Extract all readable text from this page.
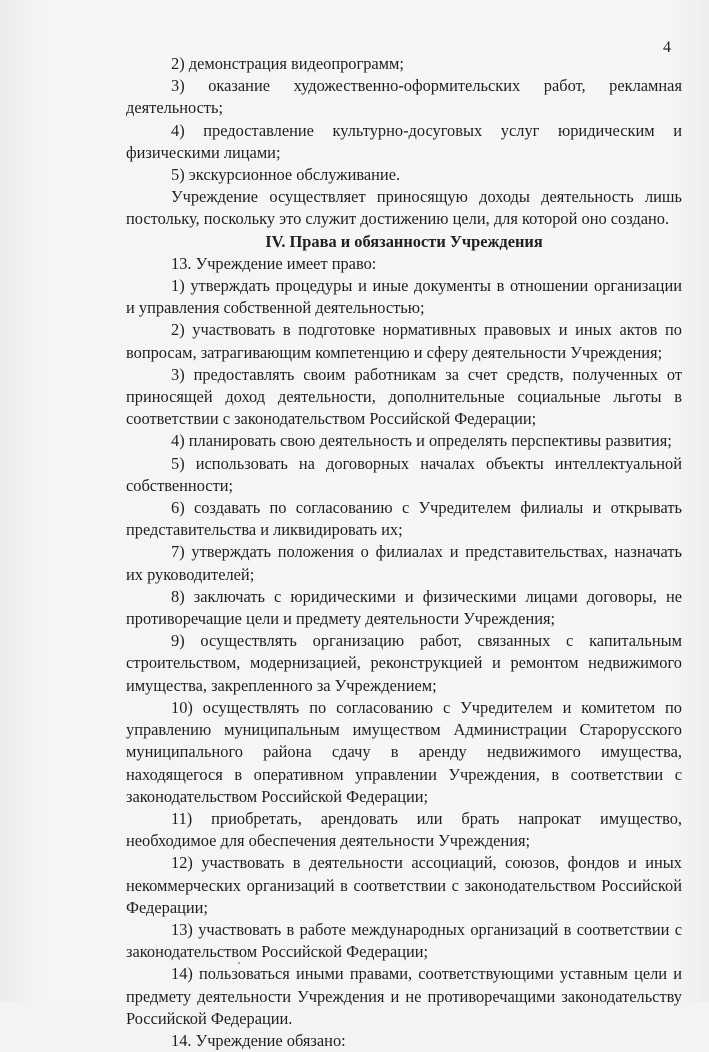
4

2) демонстрация видеопрограмм;

3) оказание художественно-оформительских работ, рекламная деятельность;

4) предоставление культурно-досуговых услуг юридическим и физическими лицами;

5) экскурсионное обслуживание.

Учреждение осуществляет приносящую доходы деятельность лишь постольку, поскольку это служит достижению цели, для которой оно создано.

IV. Права и обязанности Учреждения

13. Учреждение имеет право:

1) утверждать процедуры и иные документы в отношении организации и управления собственной деятельностью;

2) участвовать в подготовке нормативных правовых и иных актов по вопросам, затрагивающим компетенцию и сферу деятельности Учреждения;

3) предоставлять своим работникам за счет средств, полученных от приносящей доход деятельности, дополнительные социальные льготы в соответствии с законодательством Российской Федерации;

4) планировать свою деятельность и определять перспективы развития;

5) использовать на договорных началах объекты интеллектуальной собственности;

6) создавать по согласованию с Учредителем филиалы и открывать представительства и ликвидировать их;

7) утверждать положения о филиалах и представительствах, назначать их руководителей;

8) заключать с юридическими и физическими лицами договоры, не противоречащие цели и предмету деятельности Учреждения;

9) осуществлять организацию работ, связанных с капитальным строительством, модернизацией, реконструкцией и ремонтом недвижимого имущества, закрепленного за Учреждением;

10) осуществлять по согласованию с Учредителем и комитетом по управлению муниципальным имуществом Администрации Старорусского муниципального района сдачу в аренду недвижимого имущества, находящегося в оперативном управлении Учреждения, в соответствии с законодательством Российской Федерации;

11) приобретать, арендовать или брать напрокат имущество, необходимое для обеспечения деятельности Учреждения;

12) участвовать в деятельности ассоциаций, союзов, фондов и иных некоммерческих организаций в соответствии с законодательством Российской Федерации;

13) участвовать в работе международных организаций в соответствии с законодательством Российской Федерации;

14) пользоваться иными правами, соответствующими уставным цели и предмету деятельности Учреждения и не противоречащими законодательству Российской Федерации.

14. Учреждение обязано:
